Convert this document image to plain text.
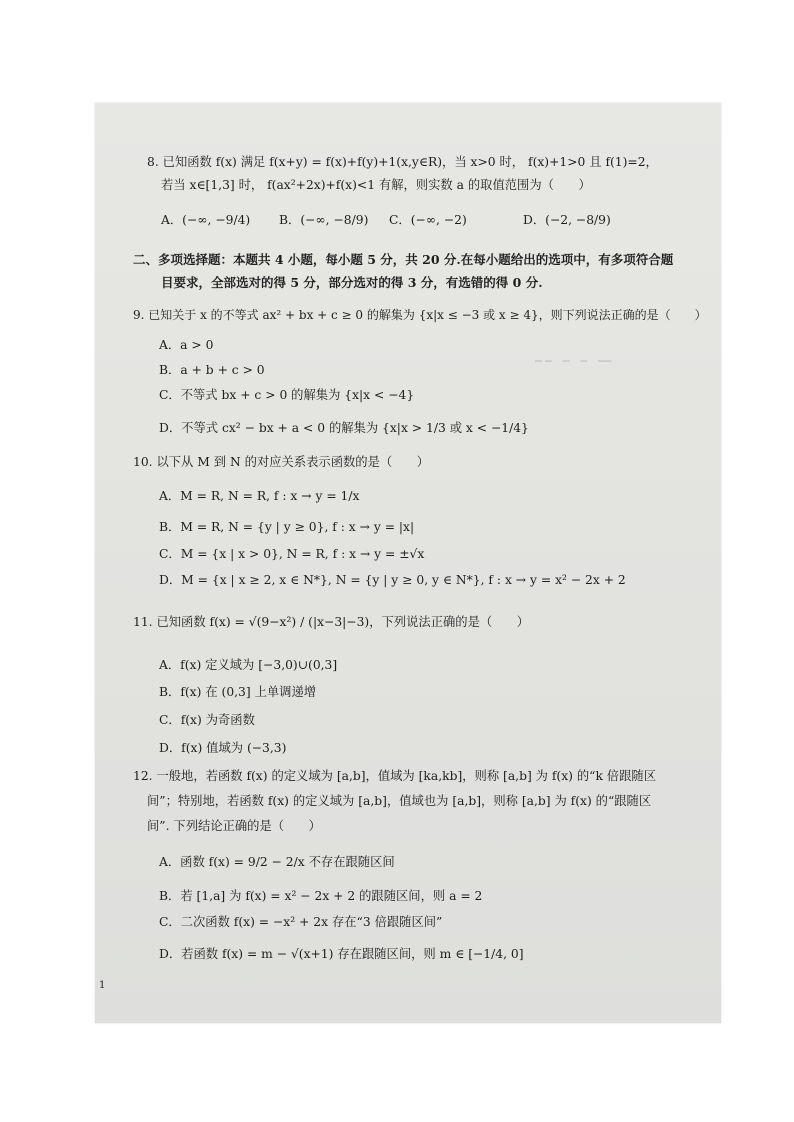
━ ━　━　━　━━
8. 已知函数 f(x) 满足 f(x+y) = f(x)+f(y)+1(x,y∈R)，当 x>0 时， f(x)+1>0 且 f(1)=2，
若当 x∈[1,3] 时， f(ax²+2x)+f(x)<1 有解，则实数 a 的取值范围为（　　）
A．(−∞, −9/4) B．(−∞, −8/9) C．(−∞, −2)	D．(−2, −8/9)
二、多项选择题：本题共 4 小题，每小题 5 分，共 20 分.在每小题给出的选项中，有多项符合题
目要求，全部选对的得 5 分，部分选对的得 3 分，有选错的得 0 分.
9. 已知关于 x 的不等式 ax² + bx + c ≥ 0 的解集为 {x|x ≤ −3 或 x ≥ 4}，则下列说法正确的是（　　）
A．a > 0
B．a + b + c > 0
C．不等式 bx + c > 0 的解集为 {x|x < −4}
D．不等式 cx² − bx + a < 0 的解集为 {x|x > 1/3 或 x < −1/4}
10. 以下从 M 到 N 的对应关系表示函数的是（　　）
A．M = R, N = R, f : x → y = 1/x
B．M = R, N = {y | y ≥ 0}, f : x → y = |x|
C．M = {x | x > 0}, N = R, f : x → y = ±√x
D．M = {x | x ≥ 2, x ∈ N*}, N = {y | y ≥ 0, y ∈ N*}, f : x → y = x² − 2x + 2
11. 已知函数 f(x) = √(9−x²) / (|x−3|−3)，下列说法正确的是（　　）
A．f(x) 定义域为 [−3,0)∪(0,3]
B．f(x) 在 (0,3] 上单调递增
C．f(x) 为奇函数
D．f(x) 值域为 (−3,3)
12. 一般地，若函数 f(x) 的定义域为 [a,b]，值域为 [ka,kb]，则称 [a,b] 为 f(x) 的“k 倍跟随区
间”；特别地，若函数 f(x) 的定义域为 [a,b]，值域也为 [a,b]，则称 [a,b] 为 f(x) 的“跟随区
间”. 下列结论正确的是（　　）
A．函数 f(x) = 9/2 − 2/x 不存在跟随区间
B．若 [1,a] 为 f(x) = x² − 2x + 2 的跟随区间，则 a = 2
C．二次函数 f(x) = −x² + 2x 存在“3 倍跟随区间”
D．若函数 f(x) = m − √(x+1) 存在跟随区间，则 m ∈ [−1/4, 0]
1
